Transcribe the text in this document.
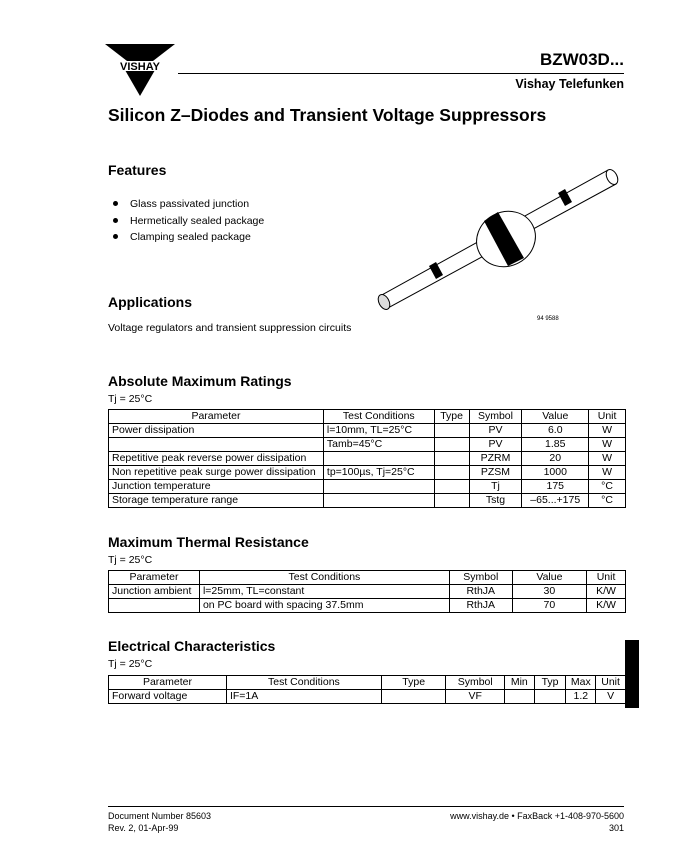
VISHAY	BZW03D...
Vishay Telefunken
Silicon Z–Diodes and Transient Voltage Suppressors
Features
Glass passivated junction
Hermetically sealed package
Clamping sealed package
94 9588
Applications
Voltage regulators and transient suppression circuits
Absolute Maximum Ratings
Tj = 25°C
Parameter	Test Conditions	Type	Symbol	Value	Unit
Power dissipation	l=10mm, TL=25°C		PV	6.0	W
	Tamb=45°C		PV	1.85	W
Repetitive peak reverse power dissipation			PZRM	20	W
Non repetitive peak surge power dissipation	tp=100µs, Tj=25°C		PZSM	1000	W
Junction temperature			Tj	175	°C
Storage temperature range			Tstg	–65...+175	°C
Maximum Thermal Resistance
Tj = 25°C
Parameter	Test Conditions	Symbol	Value	Unit
Junction ambient	l=25mm, TL=constant	RthJA	30	K/W
	on PC board with spacing 37.5mm	RthJA	70	K/W
Electrical Characteristics
Tj = 25°C
Parameter	Test Conditions	Type	Symbol	Min	Typ	Max	Unit
Forward voltage	IF=1A		VF			1.2	V
Document Number 85603
Rev. 2, 01-Apr-99
www.vishay.de • FaxBack +1-408-970-5600
301
